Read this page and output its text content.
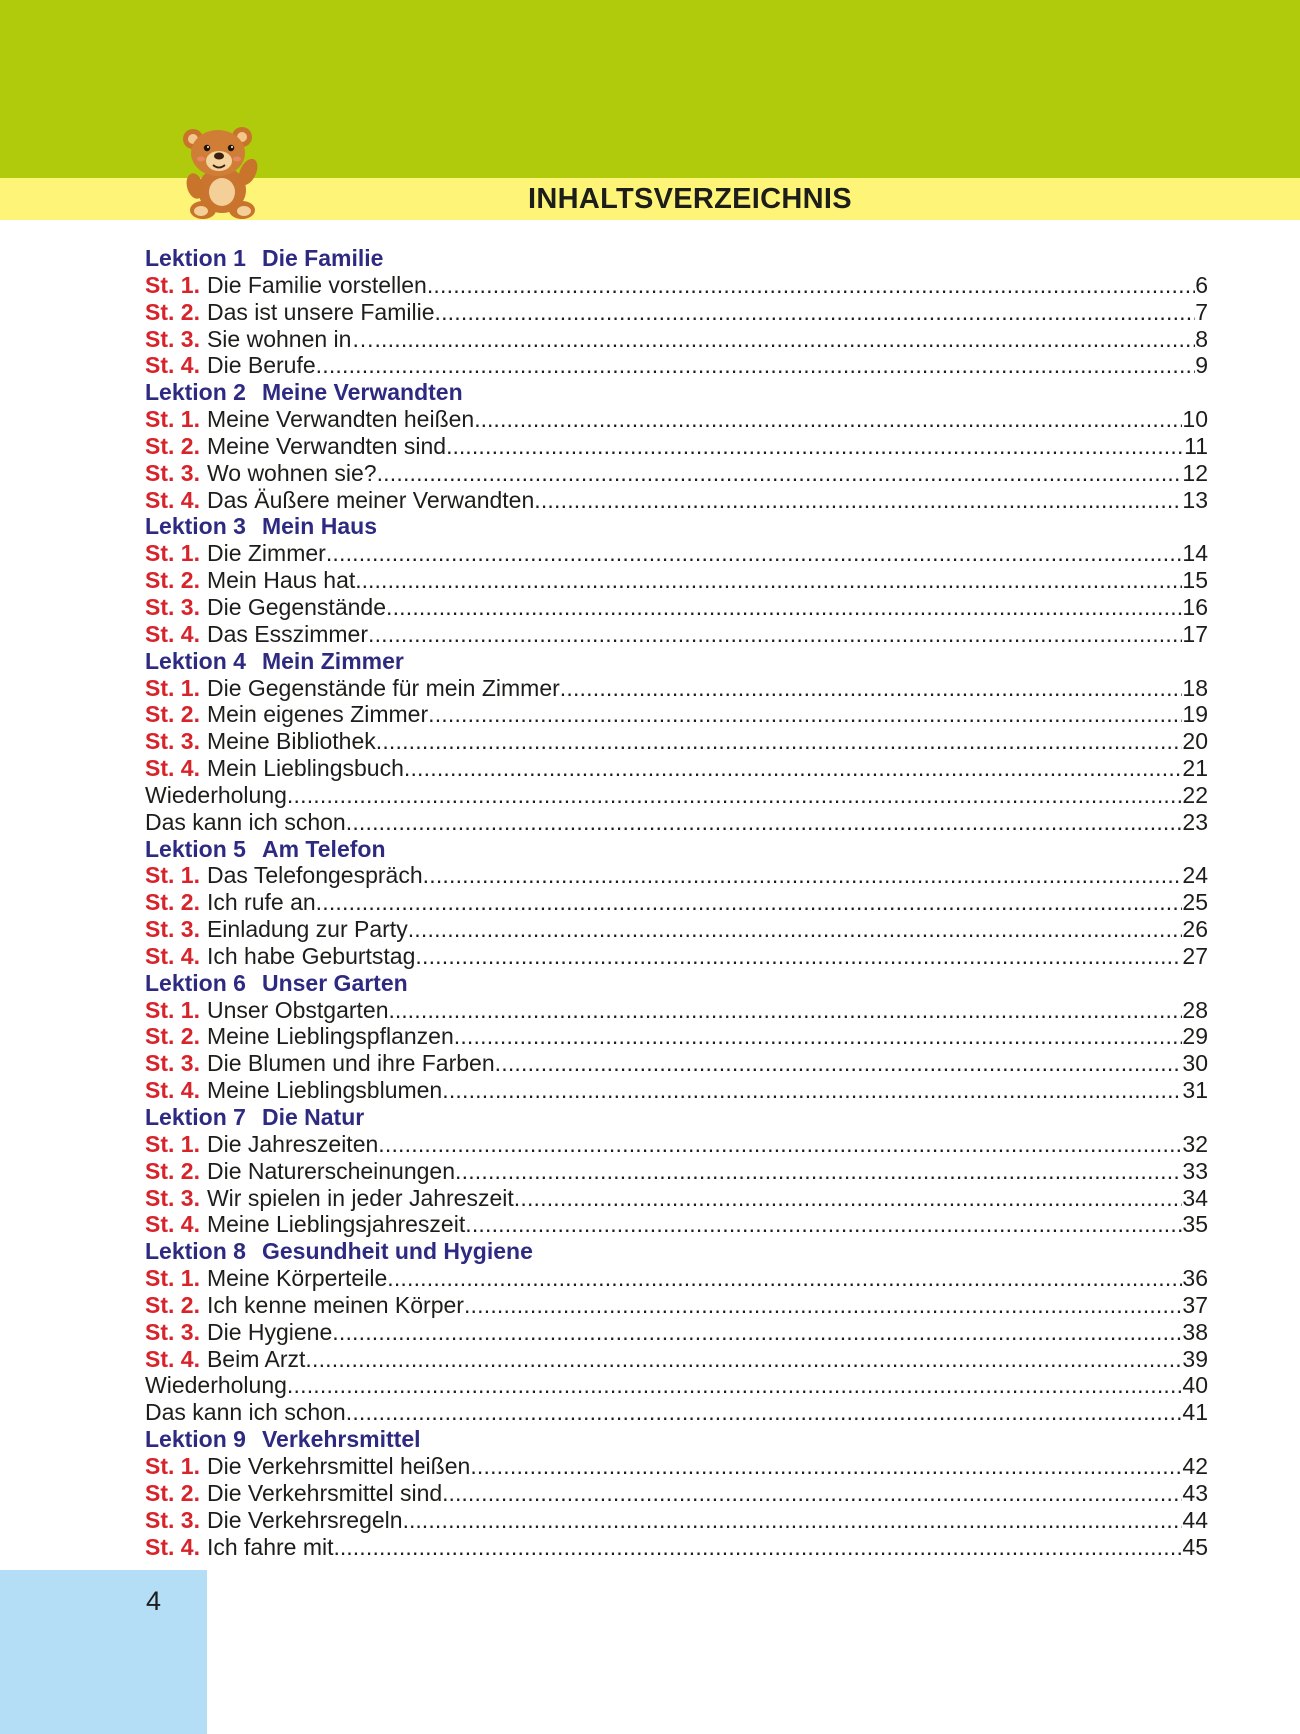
INHALTSVERZEICHNIS
Lektion 1 Die Familie
St. 1. Die Familie vorstellen .....	6
St. 2. Das ist unsere Familie .....	7
St. 3. Sie wohnen in… .....	8
St. 4. Die Berufe .....	9
Lektion 2 Meine Verwandten
St. 1. Meine Verwandten heißen... .....	10
St. 2. Meine Verwandten sind... .....	11
St. 3. Wo wohnen sie? .....	12
St. 4. Das Äußere meiner Verwandten .....	13
Lektion 3 Mein Haus
St. 1. Die Zimmer .....	14
St. 2. Mein Haus hat... .....	15
St. 3. Die Gegenstände .....	16
St. 4. Das Esszimmer .....	17
Lektion 4 Mein Zimmer
St. 1. Die Gegenstände für mein Zimmer .....	18
St. 2. Mein eigenes Zimmer .....	19
St. 3. Meine Bibliothek .....	20
St. 4. Mein Lieblingsbuch .....	21
Wiederholung .....	22
Das kann ich schon .....	23
Lektion 5 Am Telefon
St. 1. Das Telefongespräch .....	24
St. 2. Ich rufe an .....	25
St. 3. Einladung zur Party .....	26
St. 4. Ich habe Geburtstag .....	27
Lektion 6 Unser Garten
St. 1. Unser Obstgarten... .....	28
St. 2. Meine Lieblingspflanzen .....	29
St. 3. Die Blumen und ihre Farben .....	30
St. 4. Meine Lieblingsblumen .....	31
Lektion 7 Die Natur
St. 1. Die Jahreszeiten .....	32
St. 2. Die Naturerscheinungen .....	33
St. 3. Wir spielen in jeder Jahreszeit .....	34
St. 4. Meine Lieblingsjahreszeit .....	35
Lektion 8 Gesundheit und Hygiene
St. 1. Meine Körperteile .....	36
St. 2. Ich kenne meinen Körper .....	37
St. 3. Die Hygiene .....	38
St. 4. Beim Arzt .....	39
Wiederholung .....	40
Das kann ich schon .....	41
Lektion 9 Verkehrsmittel
St. 1. Die Verkehrsmittel heißen .....	42
St. 2. Die Verkehrsmittel sind... .....	43
St. 3. Die Verkehrsregeln... .....	44
St. 4. Ich fahre mit... .....	45

4
